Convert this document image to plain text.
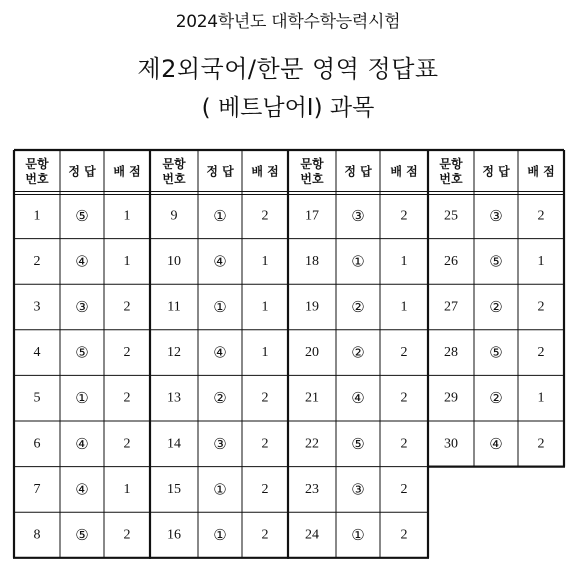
2024학년도 대학수학능력시험
제2외국어/한문 영역 정답표
( 베트남어Ⅰ) 과목
문항
번호
정 답 배 점
1 ⑤ 1
2 ④ 1
3 ③ 2
4 ⑤ 2
5 ① 2
6 ④ 2
7 ④ 1
8 ⑤ 2
문항
번호
정 답 배 점
9 ① 2
10 ④ 1
11 ① 1
12 ④ 1
13 ② 2
14 ③ 2
15 ① 2
16 ① 2
문항
번호
정 답 배 점
17 ③	2
18 ①	1
19 ②	1
20 ②	2
21 ④	2
22 ⑤	2
23 ③	2
24 ①	2
문항
번호
정 답 배 점
25 ③ 2
26 ⑤ 1
27 ② 2
28 ⑤ 2
29 ② 1
30 ④ 2
